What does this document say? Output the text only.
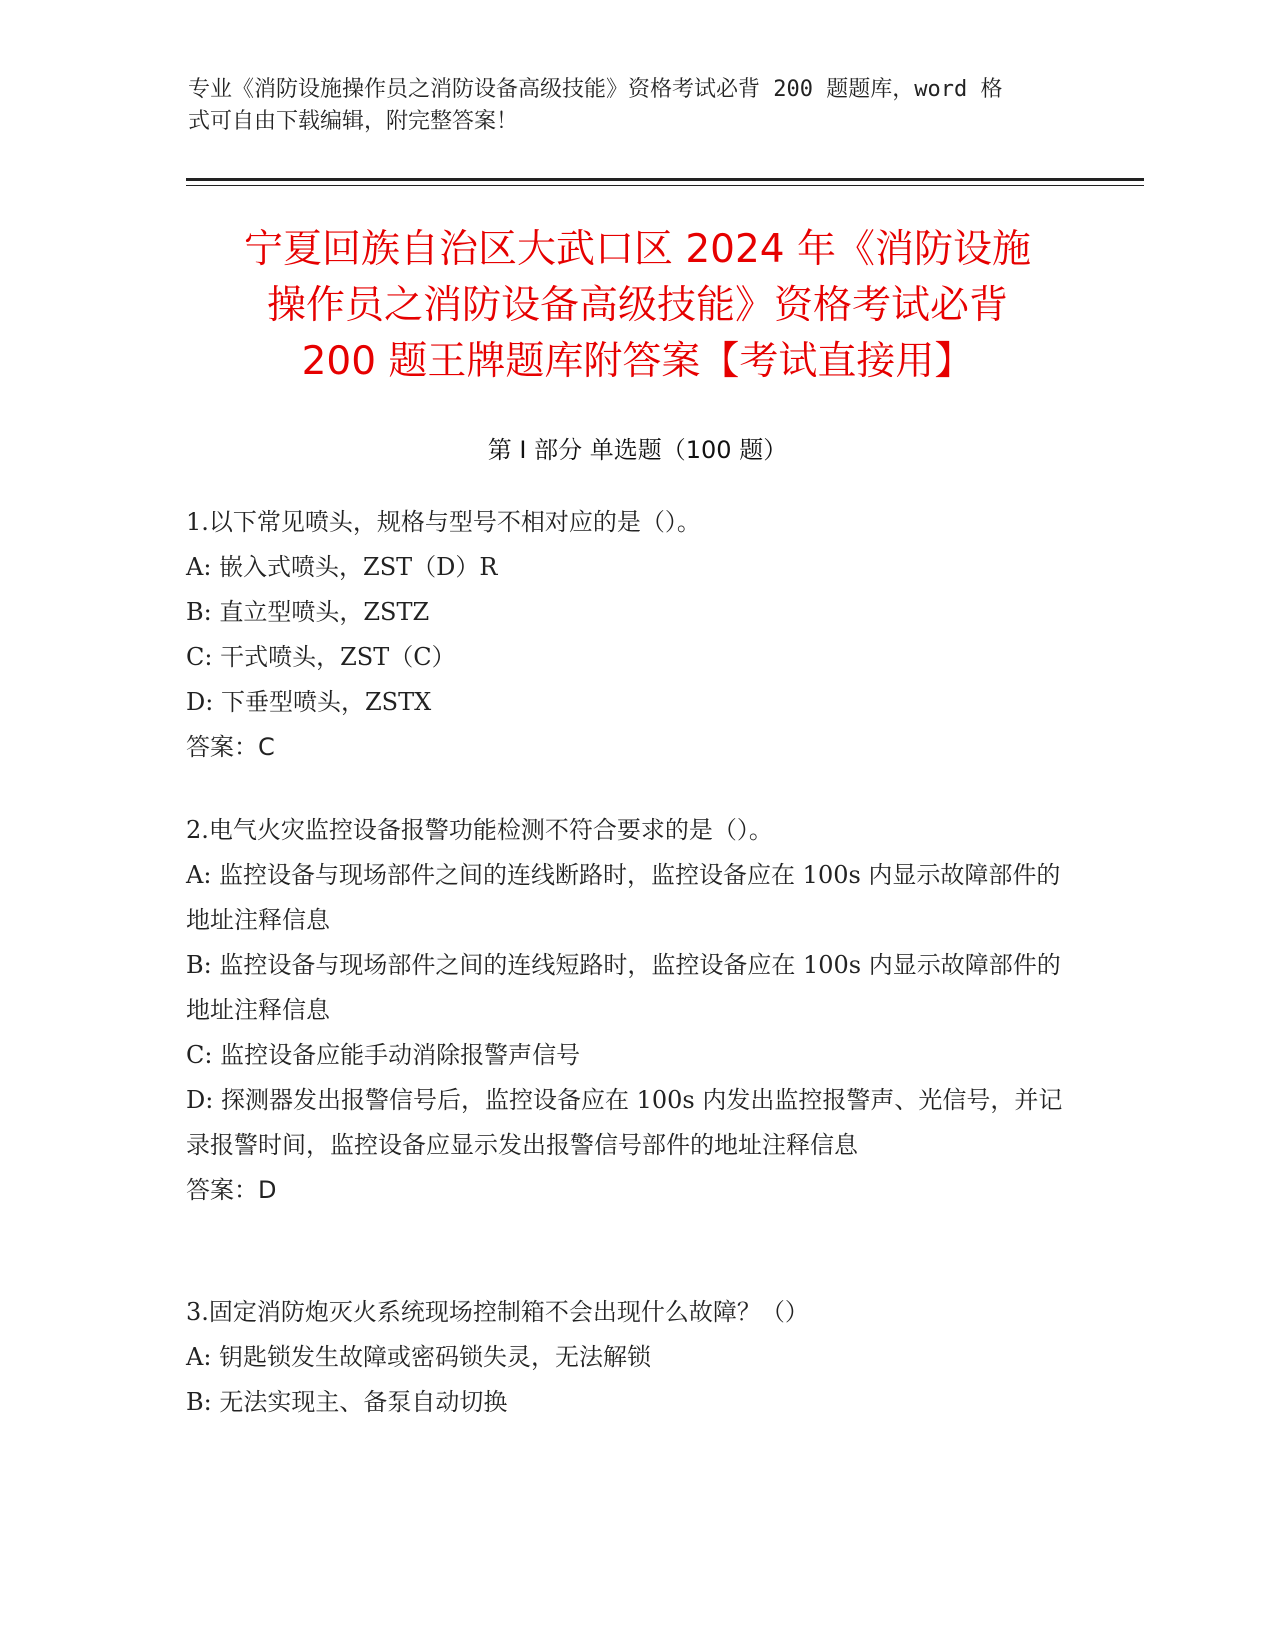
专业《消防设施操作员之消防设备高级技能》资格考试必背 200 题题库，word 格
式可自由下载编辑，附完整答案！
宁夏回族自治区大武口区 2024 年《消防设施
操作员之消防设备高级技能》资格考试必背
200 题王牌题库附答案【考试直接用】
第 I 部分 单选题（100 题）
1.以下常见喷头，规格与型号不相对应的是（）。
A: 嵌入式喷头，ZST（D）R
B: 直立型喷头，ZSTZ
C: 干式喷头，ZST（C）
D: 下垂型喷头，ZSTX
答案：C
2.电气火灾监控设备报警功能检测不符合要求的是（）。
A: 监控设备与现场部件之间的连线断路时，监控设备应在 100s 内显示故障部件的地址注释信息
B: 监控设备与现场部件之间的连线短路时，监控设备应在 100s 内显示故障部件的地址注释信息
C: 监控设备应能手动消除报警声信号
D: 探测器发出报警信号后，监控设备应在 100s 内发出监控报警声、光信号，并记录报警时间，监控设备应显示发出报警信号部件的地址注释信息
答案：D
3.固定消防炮灭火系统现场控制箱不会出现什么故障？（）
A: 钥匙锁发生故障或密码锁失灵，无法解锁
B: 无法实现主、备泵自动切换
